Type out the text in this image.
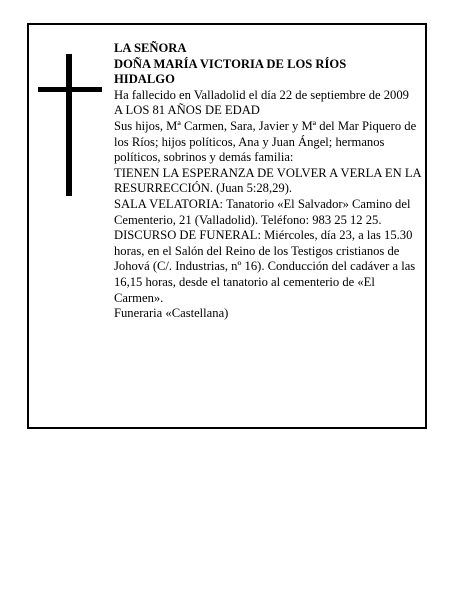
LA SEÑORA

DOÑA MARÍA VICTORIA DE LOS RÍOS

HIDALGO

Ha fallecido en Valladolid el día 22 de septiembre de 2009

A LOS 81 AÑOS DE EDAD

Sus hijos, Mª Carmen, Sara, Javier y Mª del Mar Piquero de los Ríos; hijos políticos, Ana y Juan Ángel; hermanos políticos, sobrinos y demás familia:

TIENEN LA ESPERANZA DE VOLVER A VERLA EN LA RESURRECCIÓN. (Juan 5:28,29).

SALA VELATORIA: Tanatorio «El Salvador» Camino del Cementerio, 21 (Valladolid). Teléfono: 983 25 12 25.

DISCURSO DE FUNERAL: Miércoles, día 23, a las 15.30 horas, en el Salón del Reino de los Testigos cristianos de Johová (C/. Industrias, nº 16). Conducción del cadáver a las 16,15 horas, desde el tanatorio al cementerio de «El Carmen».

Funeraria «Castellana)
